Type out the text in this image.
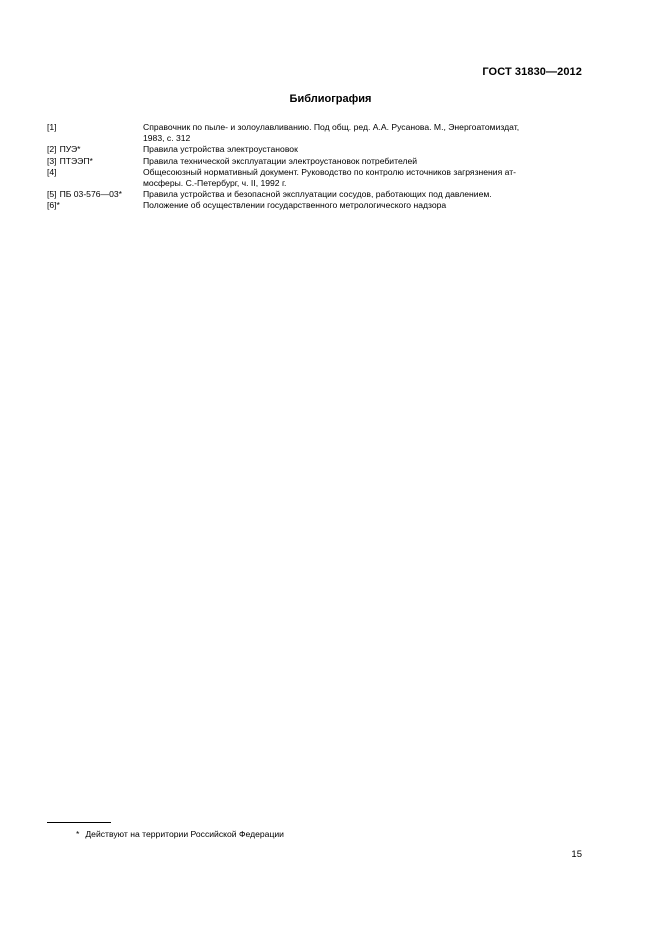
ГОСТ 31830—2012
Библиография
[1]	Справочник по пыле- и золоулавливанию. Под общ. ред. А.А. Русанова. М., Энергоатомиздат,
1983, с. 312
[2] ПУЭ*	Правила устройства электроустановок
[3] ПТЭЭП*	Правила технической эксплуатации электроустановок потребителей
[4]	Общесоюзный нормативный документ. Руководство по контролю источников загрязнения ат-
мосферы. С.-Петербург, ч. II, 1992 г.
[5] ПБ 03-576—03*	Правила устройства и безопасной эксплуатации сосудов, работающих под давлением.
[6]*	Положение об осуществлении государственного метрологического надзора
* Действуют на территории Российской Федерации
15
